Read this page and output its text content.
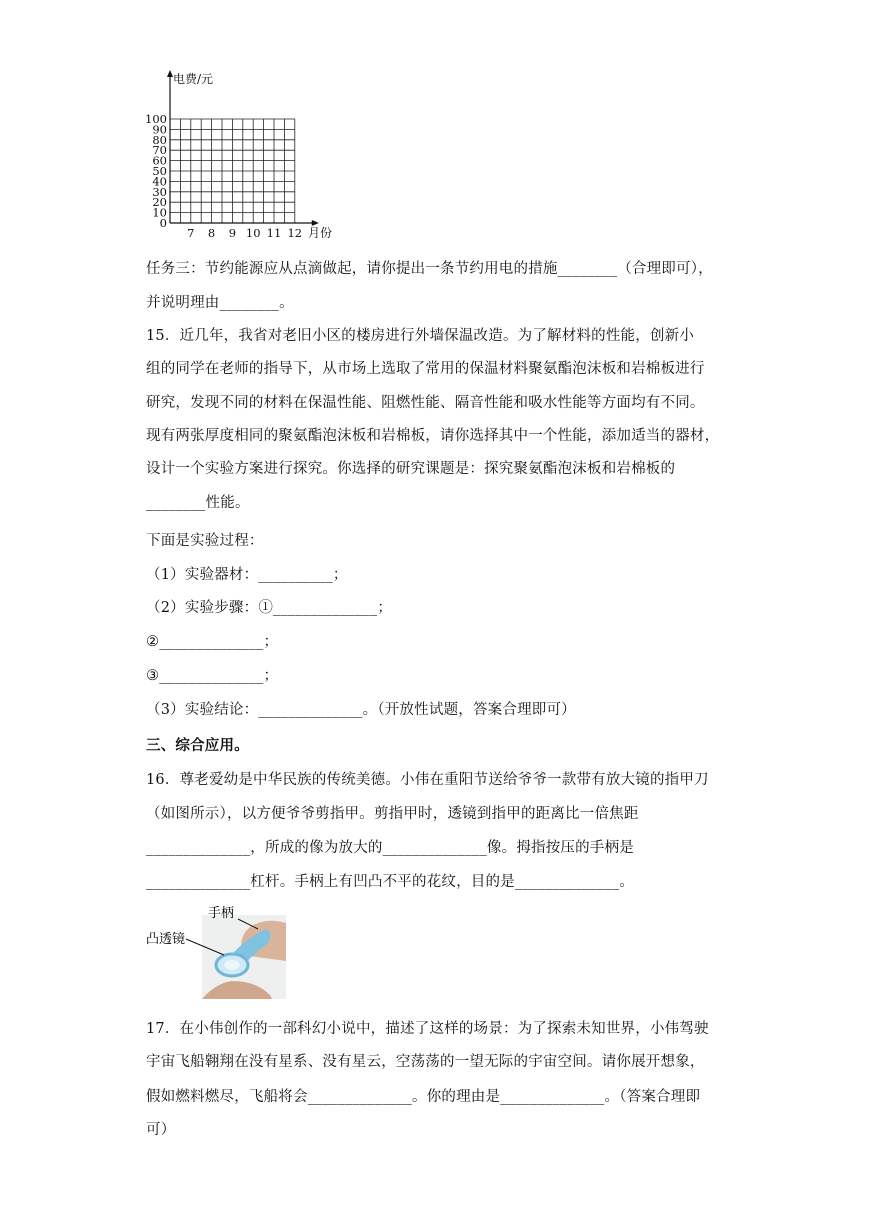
电费/元
月份
0
10
20
30
40
50
60
70
80
90
100
7 8 9 10 11 12
任务三：节约能源应从点滴做起，请你提出一条节约用电的措施________（合理即可），
并说明理由________。
15．近几年，我省对老旧小区的楼房进行外墙保温改造。为了解材料的性能，创新小
组的同学在老师的指导下，从市场上选取了常用的保温材料聚氨酯泡沫板和岩棉板进行
研究，发现不同的材料在保温性能、阻燃性能、隔音性能和吸水性能等方面均有不同。
现有两张厚度相同的聚氨酯泡沫板和岩棉板，请你选择其中一个性能，添加适当的器材，
设计一个实验方案进行探究。你选择的研究课题是：探究聚氨酯泡沫板和岩棉板的
________性能。
下面是实验过程：
（1）实验器材：__________；
（2）实验步骤：①______________；
②______________；
③______________；
（3）实验结论：______________。（开放性试题，答案合理即可）
三、综合应用。
16．尊老爱幼是中华民族的传统美德。小伟在重阳节送给爷爷一款带有放大镜的指甲刀
（如图所示），以方便爷爷剪指甲。剪指甲时，透镜到指甲的距离比一倍焦距
______________，所成的像为放大的______________像。拇指按压的手柄是
______________杠杆。手柄上有凹凸不平的花纹，目的是______________。
手柄
凸透镜
17．在小伟创作的一部科幻小说中，描述了这样的场景：为了探索未知世界，小伟驾驶
宇宙飞船翱翔在没有星系、没有星云，空荡荡的一望无际的宇宙空间。请你展开想象，
假如燃料燃尽，飞船将会______________。你的理由是______________。（答案合理即
可）
